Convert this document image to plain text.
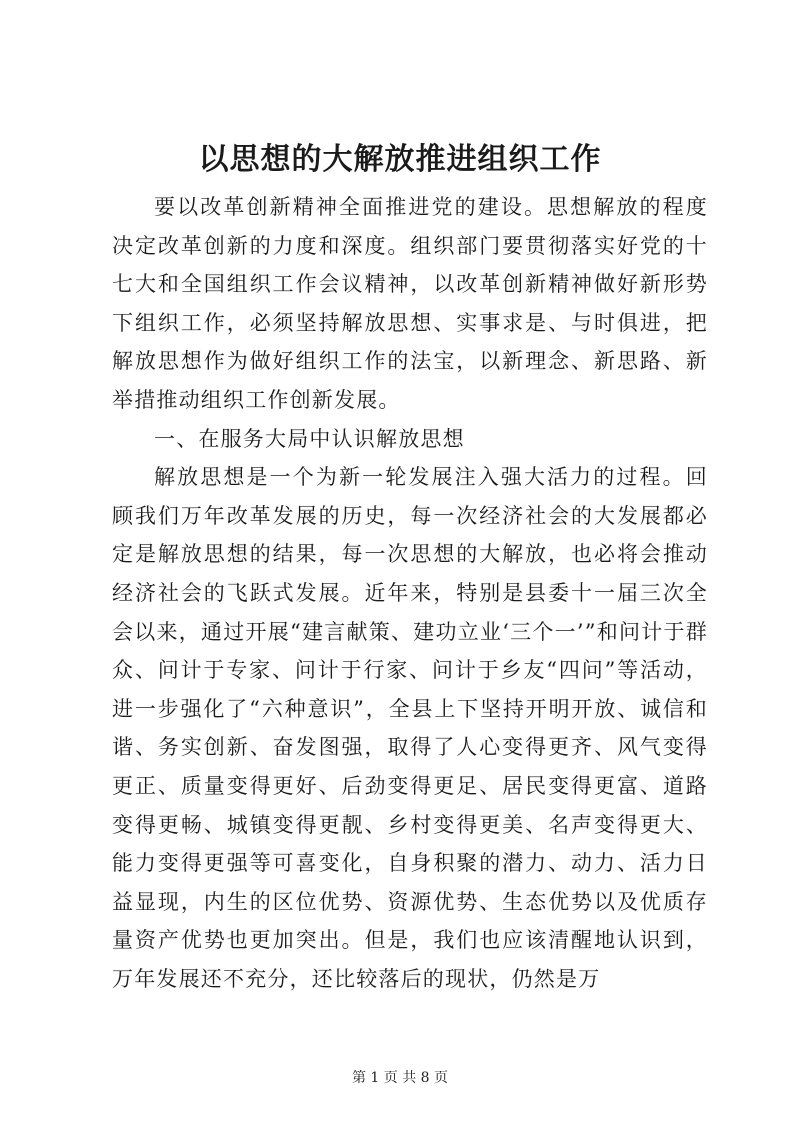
以思想的大解放推进组织工作

要以改革创新精神全面推进党的建设。思想解放的程度决定改革创新的力度和深度。组织部门要贯彻落实好党的十七大和全国组织工作会议精神，以改革创新精神做好新形势下组织工作，必须坚持解放思想、实事求是、与时俱进，把解放思想作为做好组织工作的法宝，以新理念、新思路、新举措推动组织工作创新发展。

一、在服务大局中认识解放思想

解放思想是一个为新一轮发展注入强大活力的过程。回顾我们万年改革发展的历史，每一次经济社会的大发展都必定是解放思想的结果，每一次思想的大解放，也必将会推动经济社会的飞跃式发展。近年来，特别是县委十一届三次全会以来，通过开展“建言献策、建功立业‘三个一’”和问计于群众、问计于专家、问计于行家、问计于乡友“四问”等活动，进一步强化了“六种意识”，全县上下坚持开明开放、诚信和谐、务实创新、奋发图强，取得了人心变得更齐、风气变得更正、质量变得更好、后劲变得更足、居民变得更富、道路变得更畅、城镇变得更靓、乡村变得更美、名声变得更大、能力变得更强等可喜变化，自身积聚的潜力、动力、活力日益显现，内生的区位优势、资源优势、生态优势以及优质存量资产优势也更加突出。但是，我们也应该清醒地认识到，万年发展还不充分，还比较落后的现状，仍然是万

第 1 页 共 8 页
